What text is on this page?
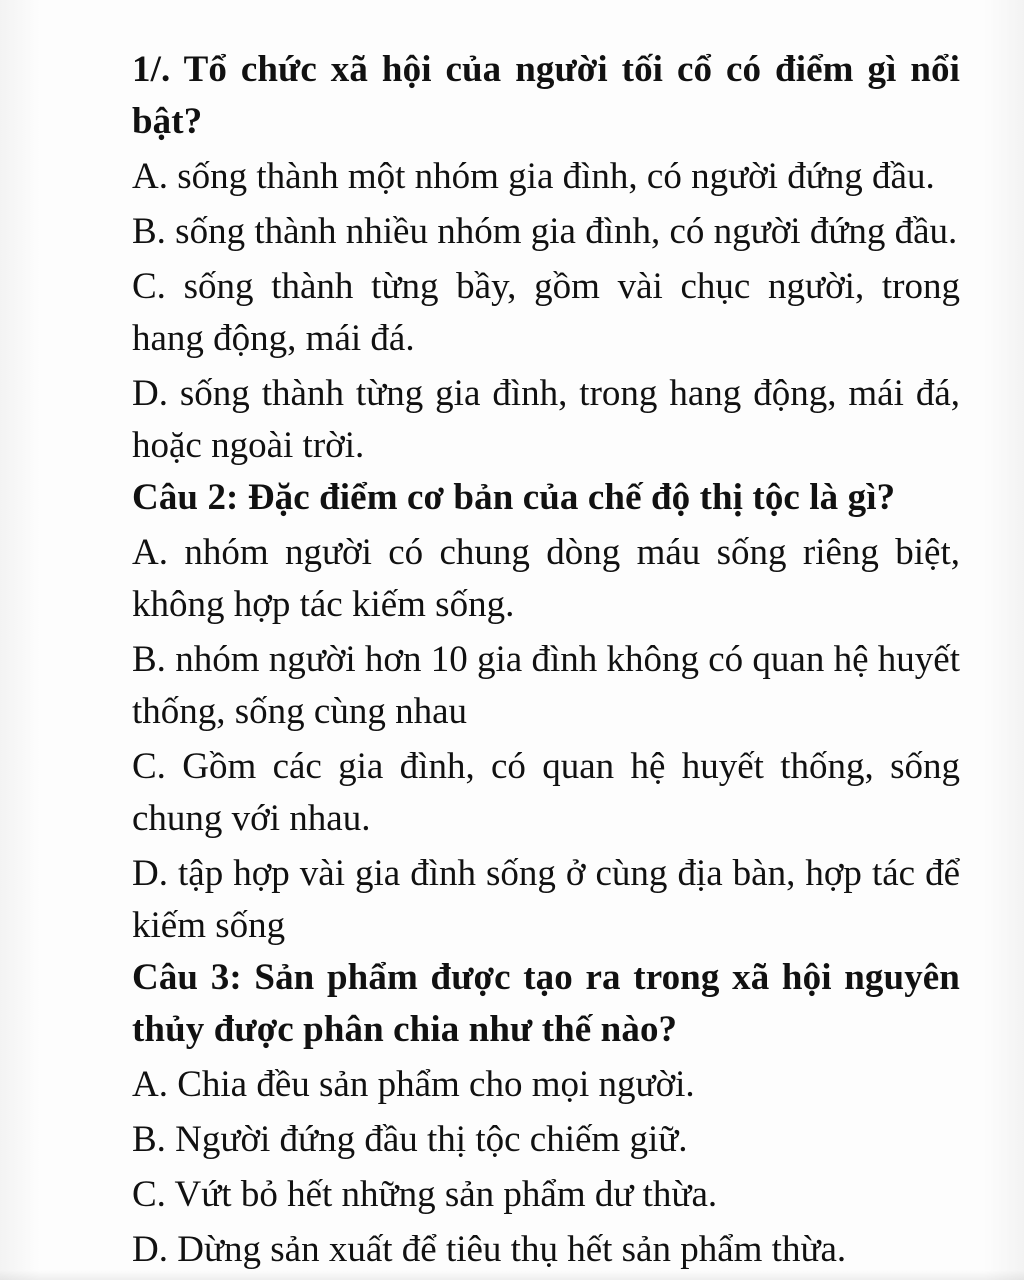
1/. Tổ chức xã hội của người tối cổ có điểm gì nổi bật?

A. sống thành một nhóm gia đình, có người đứng đầu.

B. sống thành nhiều nhóm gia đình, có người đứng đầu.

C. sống thành từng bầy, gồm vài chục người, trong hang động, mái đá.

D. sống thành từng gia đình, trong hang động, mái đá, hoặc ngoài trời.

Câu 2: Đặc điểm cơ bản của chế độ thị tộc là gì?

A. nhóm người có chung dòng máu sống riêng biệt, không hợp tác kiếm sống.

B. nhóm người hơn 10 gia đình không có quan hệ huyết thống, sống cùng nhau

C. Gồm các gia đình, có quan hệ huyết thống, sống chung với nhau.

D. tập hợp vài gia đình sống ở cùng địa bàn, hợp tác để kiếm sống

Câu 3: Sản phẩm được tạo ra trong xã hội nguyên thủy được phân chia như thế nào?

A. Chia đều sản phẩm cho mọi người.

B. Người đứng đầu thị tộc chiếm giữ.

C. Vứt bỏ hết những sản phẩm dư thừa.

D. Dừng sản xuất để tiêu thụ hết sản phẩm thừa.
